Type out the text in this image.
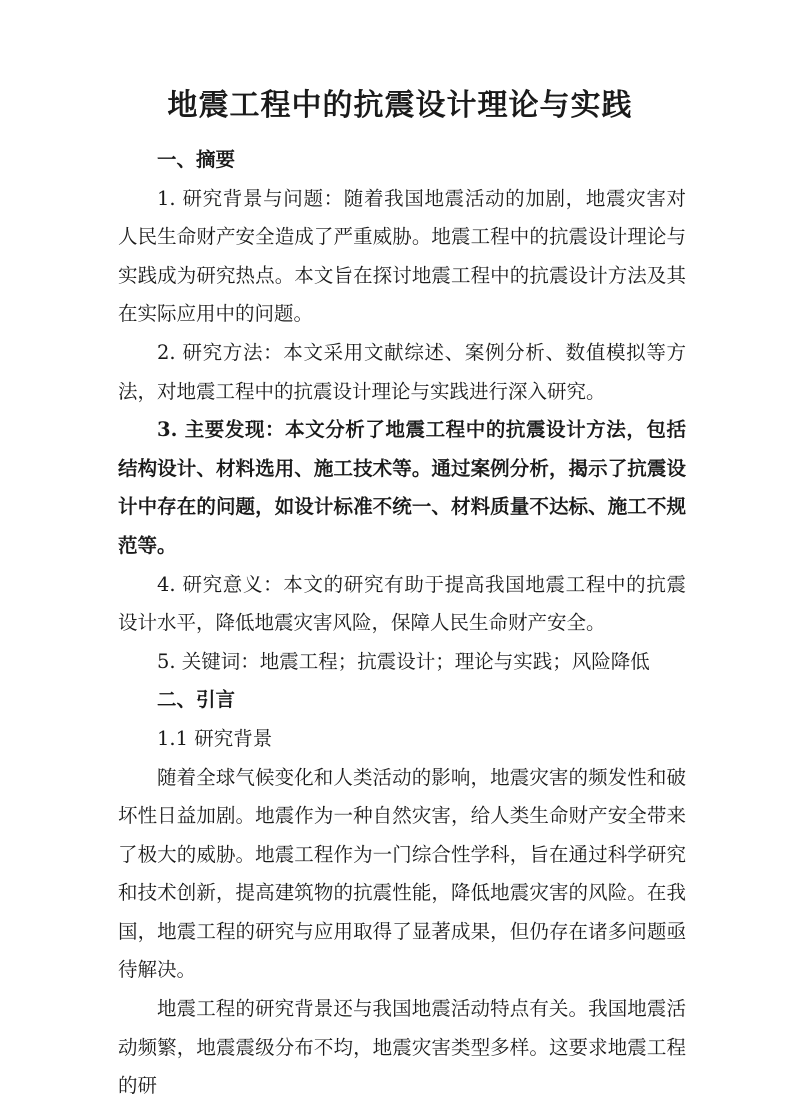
地震工程中的抗震设计理论与实践

一、摘要

1. 研究背景与问题：随着我国地震活动的加剧，地震灾害对人民生命财产安全造成了严重威胁。地震工程中的抗震设计理论与实践成为研究热点。本文旨在探讨地震工程中的抗震设计方法及其在实际应用中的问题。

2. 研究方法：本文采用文献综述、案例分析、数值模拟等方法，对地震工程中的抗震设计理论与实践进行深入研究。

3. 主要发现：本文分析了地震工程中的抗震设计方法，包括结构设计、材料选用、施工技术等。通过案例分析，揭示了抗震设计中存在的问题，如设计标准不统一、材料质量不达标、施工不规范等。

4. 研究意义：本文的研究有助于提高我国地震工程中的抗震设计水平，降低地震灾害风险，保障人民生命财产安全。

5. 关键词：地震工程；抗震设计；理论与实践；风险降低

二、引言

1.1 研究背景

随着全球气候变化和人类活动的影响，地震灾害的频发性和破坏性日益加剧。地震作为一种自然灾害，给人类生命财产安全带来了极大的威胁。地震工程作为一门综合性学科，旨在通过科学研究和技术创新，提高建筑物的抗震性能，降低地震灾害的风险。在我国，地震工程的研究与应用取得了显著成果，但仍存在诸多问题亟待解决。

地震工程的研究背景还与我国地震活动特点有关。我国地震活动频繁，地震震级分布不均，地震灾害类型多样。这要求地震工程的研
